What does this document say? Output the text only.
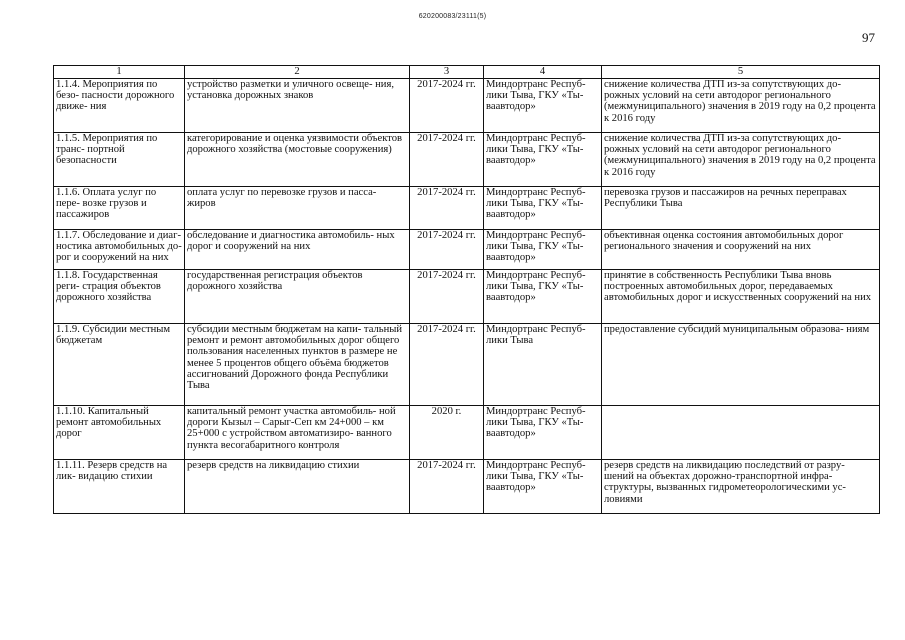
620200083/23111(5)
97
1	2	3	4	5
1.1.4. Мероприятия по безо- пасности дорожного движе- ния	устройство разметки и уличного освеще- ния, установка дорожных знаков	2017-2024 гг.	Миндортранс Респуб- лики Тыва, ГКУ «Ты- ваавтодор»	снижение количества ДТП из-за сопутствующих до- рожных условий на сети автодорог регионального (межмуниципального) значения в 2019 году на 0,2 процента к 2016 году
1.1.5. Мероприятия по транс- портной безопасности	категорирование и оценка уязвимости объектов дорожного хозяйства (мостовые сооружения)	2017-2024 гг.	Миндортранс Респуб- лики Тыва, ГКУ «Ты- ваавтодор»	снижение количества ДТП из-за сопутствующих до- рожных условий на сети автодорог регионального (межмуниципального) значения в 2019 году на 0,2 процента к 2016 году
1.1.6. Оплата услуг по пере- возке грузов и пассажиров	оплата услуг по перевозке грузов и пасса- жиров	2017-2024 гг.	Миндортранс Респуб- лики Тыва, ГКУ «Ты- ваавтодор»	перевозка грузов и пассажиров на речных переправах Республики Тыва
1.1.7. Обследование и диаг- ностика автомобильных до- рог и сооружений на них	обследование и диагностика автомобиль- ных дорог и сооружений на них	2017-2024 гг.	Миндортранс Респуб- лики Тыва, ГКУ «Ты- ваавтодор»	объективная оценка состояния автомобильных дорог регионального значения и сооружений на них
1.1.8. Государственная реги- страция объектов дорожного хозяйства	государственная регистрация объектов дорожного хозяйства	2017-2024 гг.	Миндортранс Респуб- лики Тыва, ГКУ «Ты- ваавтодор»	принятие в собственность Республики Тыва вновь построенных автомобильных дорог, передаваемых автомобильных дорог и искусственных сооружений на них
1.1.9. Субсидии местным бюджетам	субсидии местным бюджетам на капи- тальный ремонт и ремонт автомобильных дорог общего пользования населенных пунктов в размере не менее 5 процентов общего объёма бюджетов ассигнований Дорожного фонда Республики Тыва	2017-2024 гг.	Миндортранс Респуб- лики Тыва	предоставление субсидий муниципальным образова- ниям
1.1.10. Капитальный ремонт автомобильных дорог	капитальный ремонт участка автомобиль- ной дороги Кызыл – Сарыг-Сеп км 24+000 – км 25+000 с устройством автоматизиро- ванного пункта весогабаритного контроля	2020 г.	Миндортранс Респуб- лики Тыва, ГКУ «Ты- ваавтодор»	
1.1.11. Резерв средств на лик- видацию стихии	резерв средств на ликвидацию стихии	2017-2024 гг.	Миндортранс Респуб- лики Тыва, ГКУ «Ты- ваавтодор»	резерв средств на ликвидацию последствий от разру- шений на объектах дорожно-транспортной инфра- структуры, вызванных гидрометеорологическими ус- ловиями
